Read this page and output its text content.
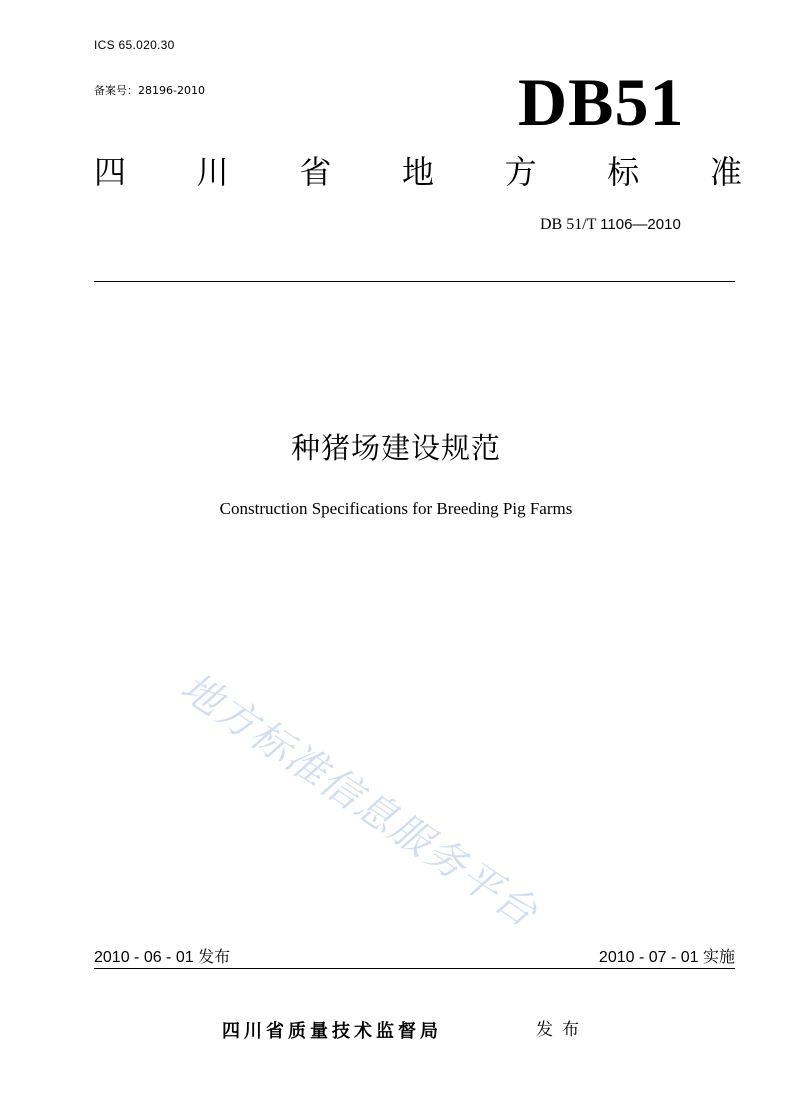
ICS 65.020.30
备案号：28196-2010	DB51
四 川 省 地 方 标 准
DB 51/T 1106—2010
种猪场建设规范
Construction Specifications for Breeding Pig Farms
地方标准信息服务平台
2010 - 06 - 01 发布	2010 - 07 - 01 实施
四川省质量技术监督局	发布
